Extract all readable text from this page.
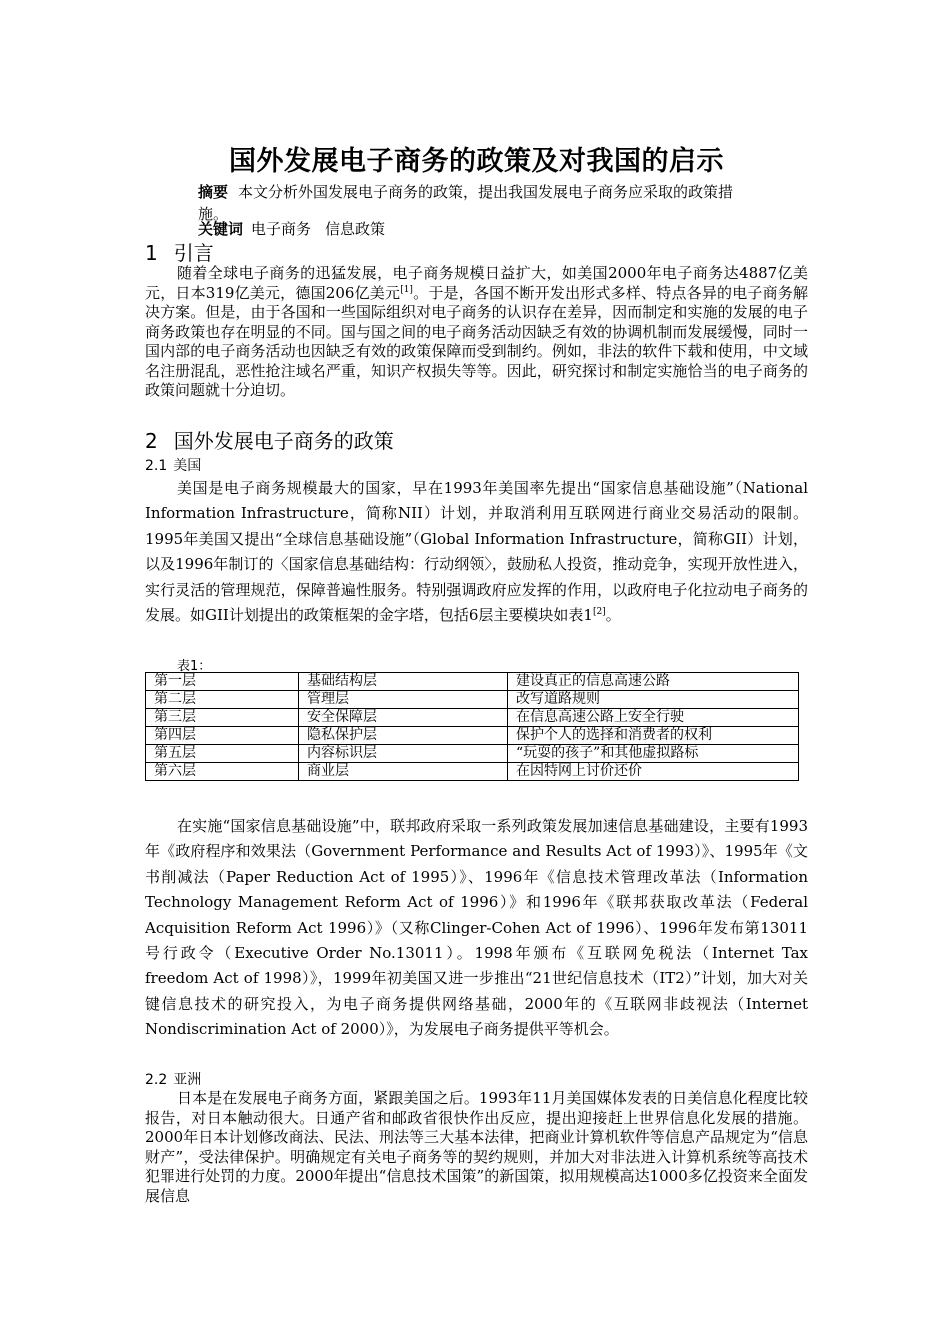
国外发展电子商务的政策及对我国的启示
摘要 本文分析外国发展电子商务的政策，提出我国发展电子商务应采取的政策措施。
关键词 电子商务 信息政策
1 引言

随着全球电子商务的迅猛发展，电子商务规模日益扩大，如美国2000年电子商务达4887亿美元，日本319亿美元，德国206亿美元[1]。于是，各国不断开发出形式多样、特点各异的电子商务解决方案。但是，由于各国和一些国际组织对电子商务的认识存在差异，因而制定和实施的发展的电子商务政策也存在明显的不同。国与国之间的电子商务活动因缺乏有效的协调机制而发展缓慢，同时一国内部的电子商务活动也因缺乏有效的政策保障而受到制约。例如，非法的软件下载和使用，中文域名注册混乱，恶性抢注域名严重，知识产权损失等等。因此，研究探讨和制定实施恰当的电子商务的政策问题就十分迫切。

2 国外发展电子商务的政策
2.1 美国

美国是电子商务规模最大的国家，早在1993年美国率先提出“国家信息基础设施”（National Information Infrastructure，简称NII）计划，并取消利用互联网进行商业交易活动的限制。1995年美国又提出“全球信息基础设施”（Global Information Infrastructure，简称GII）计划，以及1996年制订的〈国家信息基础结构：行动纲领〉，鼓励私人投资，推动竞争，实现开放性进入，实行灵活的管理规范，保障普遍性服务。特别强调政府应发挥的作用，以政府电子化拉动电子商务的发展。如GII计划提出的政策框架的金字塔，包括6层主要模块如表1[2]。

表1：
第一层	基础结构层	建设真正的信息高速公路
第二层	管理层	改写道路规则
第三层	安全保障层	在信息高速公路上安全行驶
第四层	隐私保护层	保护个人的选择和消费者的权利
第五层	内容标识层	“玩耍的孩子”和其他虚拟路标
第六层	商业层	在因特网上讨价还价

在实施“国家信息基础设施”中，联邦政府采取一系列政策发展加速信息基础建设，主要有1993年《政府程序和效果法（Government Performance and Results Act of 1993）》、1995年《文书削减法（Paper Reduction Act of 1995）》、1996年《信息技术管理改革法（Information Technology Management Reform Act of 1996）》和1996年《联邦获取改革法（Federal Acquisition Reform Act 1996）》（又称Clinger-Cohen Act of 1996）、1996年发布第13011号行政令（Executive Order No.13011）。1998年颁布《互联网免税法（Internet Tax freedom Act of 1998）》，1999年初美国又进一步推出“21世纪信息技术（IT2）”计划，加大对关键信息技术的研究投入，为电子商务提供网络基础，2000年的《互联网非歧视法（Internet Nondiscrimination Act of 2000）》，为发展电子商务提供平等机会。

2.2 亚洲

日本是在发展电子商务方面，紧跟美国之后。1993年11月美国媒体发表的日美信息化程度比较报告，对日本触动很大。日通产省和邮政省很快作出反应，提出迎接赶上世界信息化发展的措施。2000年日本计划修改商法、民法、刑法等三大基本法律，把商业计算机软件等信息产品规定为“信息财产”，受法律保护。明确规定有关电子商务等的契约规则，并加大对非法进入计算机系统等高技术 犯罪进行处罚的力度。2000年提出“信息技术国策”的新国策，拟用规模高达1000多亿投资来全面发展信息
